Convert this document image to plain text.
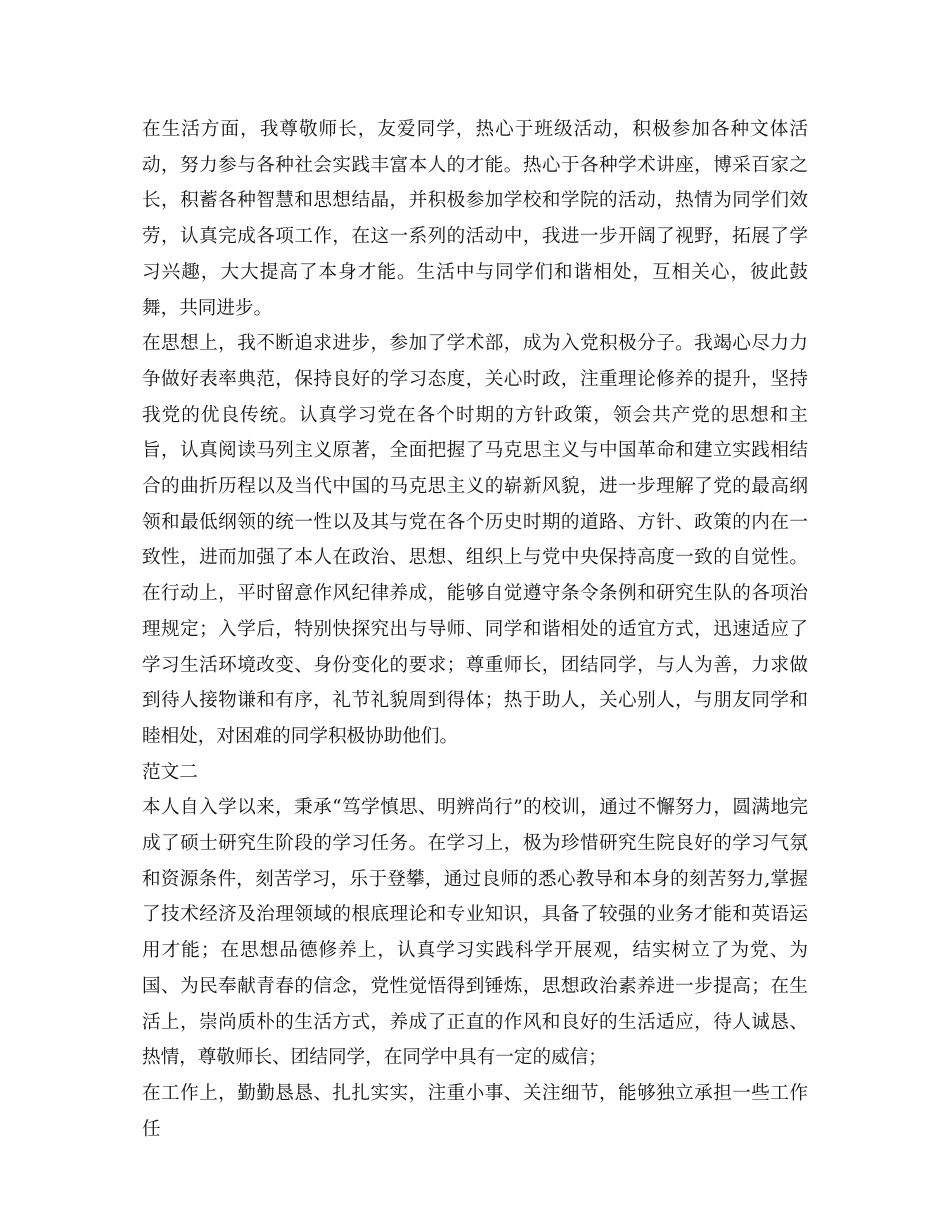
在生活方面，我尊敬师长，友爱同学，热心于班级活动，积极参加各种文体活动，努力参与各种社会实践丰富本人的才能。热心于各种学术讲座，博采百家之长，积蓄各种智慧和思想结晶，并积极参加学校和学院的活动，热情为同学们效劳，认真完成各项工作，在这一系列的活动中，我进一步开阔了视野，拓展了学习兴趣，大大提高了本身才能。生活中与同学们和谐相处，互相关心，彼此鼓舞，共同进步。

在思想上，我不断追求进步，参加了学术部，成为入党积极分子。我竭心尽力力争做好表率典范，保持良好的学习态度，关心时政，注重理论修养的提升，坚持我党的优良传统。认真学习党在各个时期的方针政策，领会共产党的思想和主旨，认真阅读马列主义原著，全面把握了马克思主义与中国革命和建立实践相结合的曲折历程以及当代中国的马克思主义的崭新风貌，进一步理解了党的最高纲领和最低纲领的统一性以及其与党在各个历史时期的道路、方针、政策的内在一致性，进而加强了本人在政治、思想、组织上与党中央保持高度一致的自觉性。在行动上，平时留意作风纪律养成，能够自觉遵守条令条例和研究生队的各项治理规定；入学后，特别快探究出与导师、同学和谐相处的适宜方式，迅速适应了学习生活环境改变、身份变化的要求；尊重师长，团结同学，与人为善，力求做到待人接物谦和有序，礼节礼貌周到得体；热于助人，关心别人，与朋友同学和睦相处，对困难的同学积极协助他们。

范文二

本人自入学以来，秉承“笃学慎思、明辨尚行”的校训，通过不懈努力，圆满地完成了硕士研究生阶段的学习任务。在学习上，极为珍惜研究生院良好的学习气氛和资源条件，刻苦学习，乐于登攀，通过良师的悉心教导和本身的刻苦努力,掌握了技术经济及治理领域的根底理论和专业知识，具备了较强的业务才能和英语运用才能；在思想品德修养上，认真学习实践科学开展观，结实树立了为党、为国、为民奉献青春的信念，党性觉悟得到锤炼，思想政治素养进一步提高；在生活上，崇尚质朴的生活方式，养成了正直的作风和良好的生活适应，待人诚恳、热情，尊敬师长、团结同学，在同学中具有一定的威信；

在工作上，勤勤恳恳、扎扎实实，注重小事、关注细节，能够独立承担一些工作任
